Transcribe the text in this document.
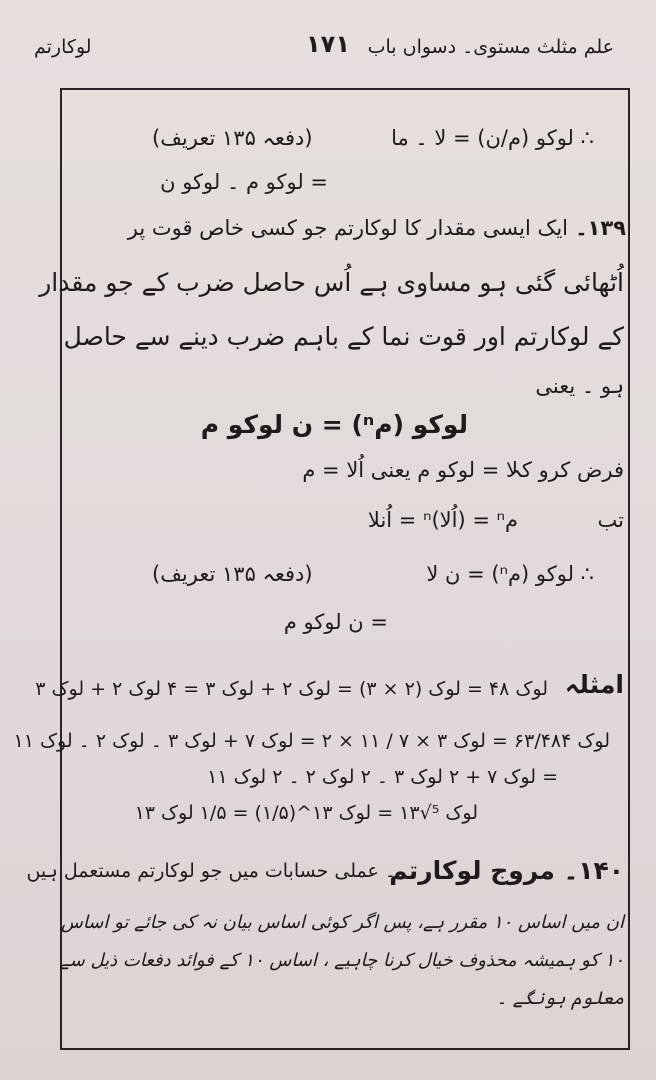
علم مثلث مستوی۔ دسواں باب
۱۷۱
لوکارتم
∴ لوکو (م/ن) = لا ۔ ما
(دفعہ ۱۳۵ تعریف)
= لوکو م ۔ لوکو ن
۱۳۹۔
ایک ایسی مقدار کا لوکارتم جو کسی خاص قوت پر
اُٹھائی گئی ہو مساوی ہے اُس حاصل ضرب کے جو مقدار
کے لوکارتم اور قوت نما کے باہم ضرب دینے سے حاصل
ہو ۔ یعنی
لوکو (مⁿ) = ن لوکو م
فرض کرو کہ
لا = لوکو م یعنی اُلا = م
تب
مⁿ = (اُلا)ⁿ = اُنلا
∴ لوکو (مⁿ) = ن لا
(دفعہ ۱۳۵ تعریف)
= ن لوکو م
امثلہ
لوک ۴۸ = لوک (۲ × ۳) = لوک ۲ + لوک ۳ = ۴ لوک ۲ + لوک ۳
لوک ۶۳/۴۸۴ = لوک ۳ × ۷ / ۱۱ × ۲ = لوک ۷ + لوک ۳ ۔ لوک ۲ ۔ لوک ۱۱
= لوک ۷ + ۲ لوک ۳ ۔ ۲ لوک ۲ ۔ ۲ لوک ۱۱
لوک ⁵√۱۳ = لوک ۱۳^(۱/۵) = ۱/۵ لوک ۱۳
۱۴۰۔ مروج لوکارتم
۔ عملی حسابات میں جو لوکارتم مستعمل ہیں
ان میں اساس ۱۰ مقرر ہے، پس اگر کوئی اساس بیان نہ کی جائے تو اساس
۱۰ کو ہمیشہ محذوف خیال کرنا چاہیے ، اساس ۱۰ کے فوائد دفعات ذیل سے
معلوم ہونگے ۔
